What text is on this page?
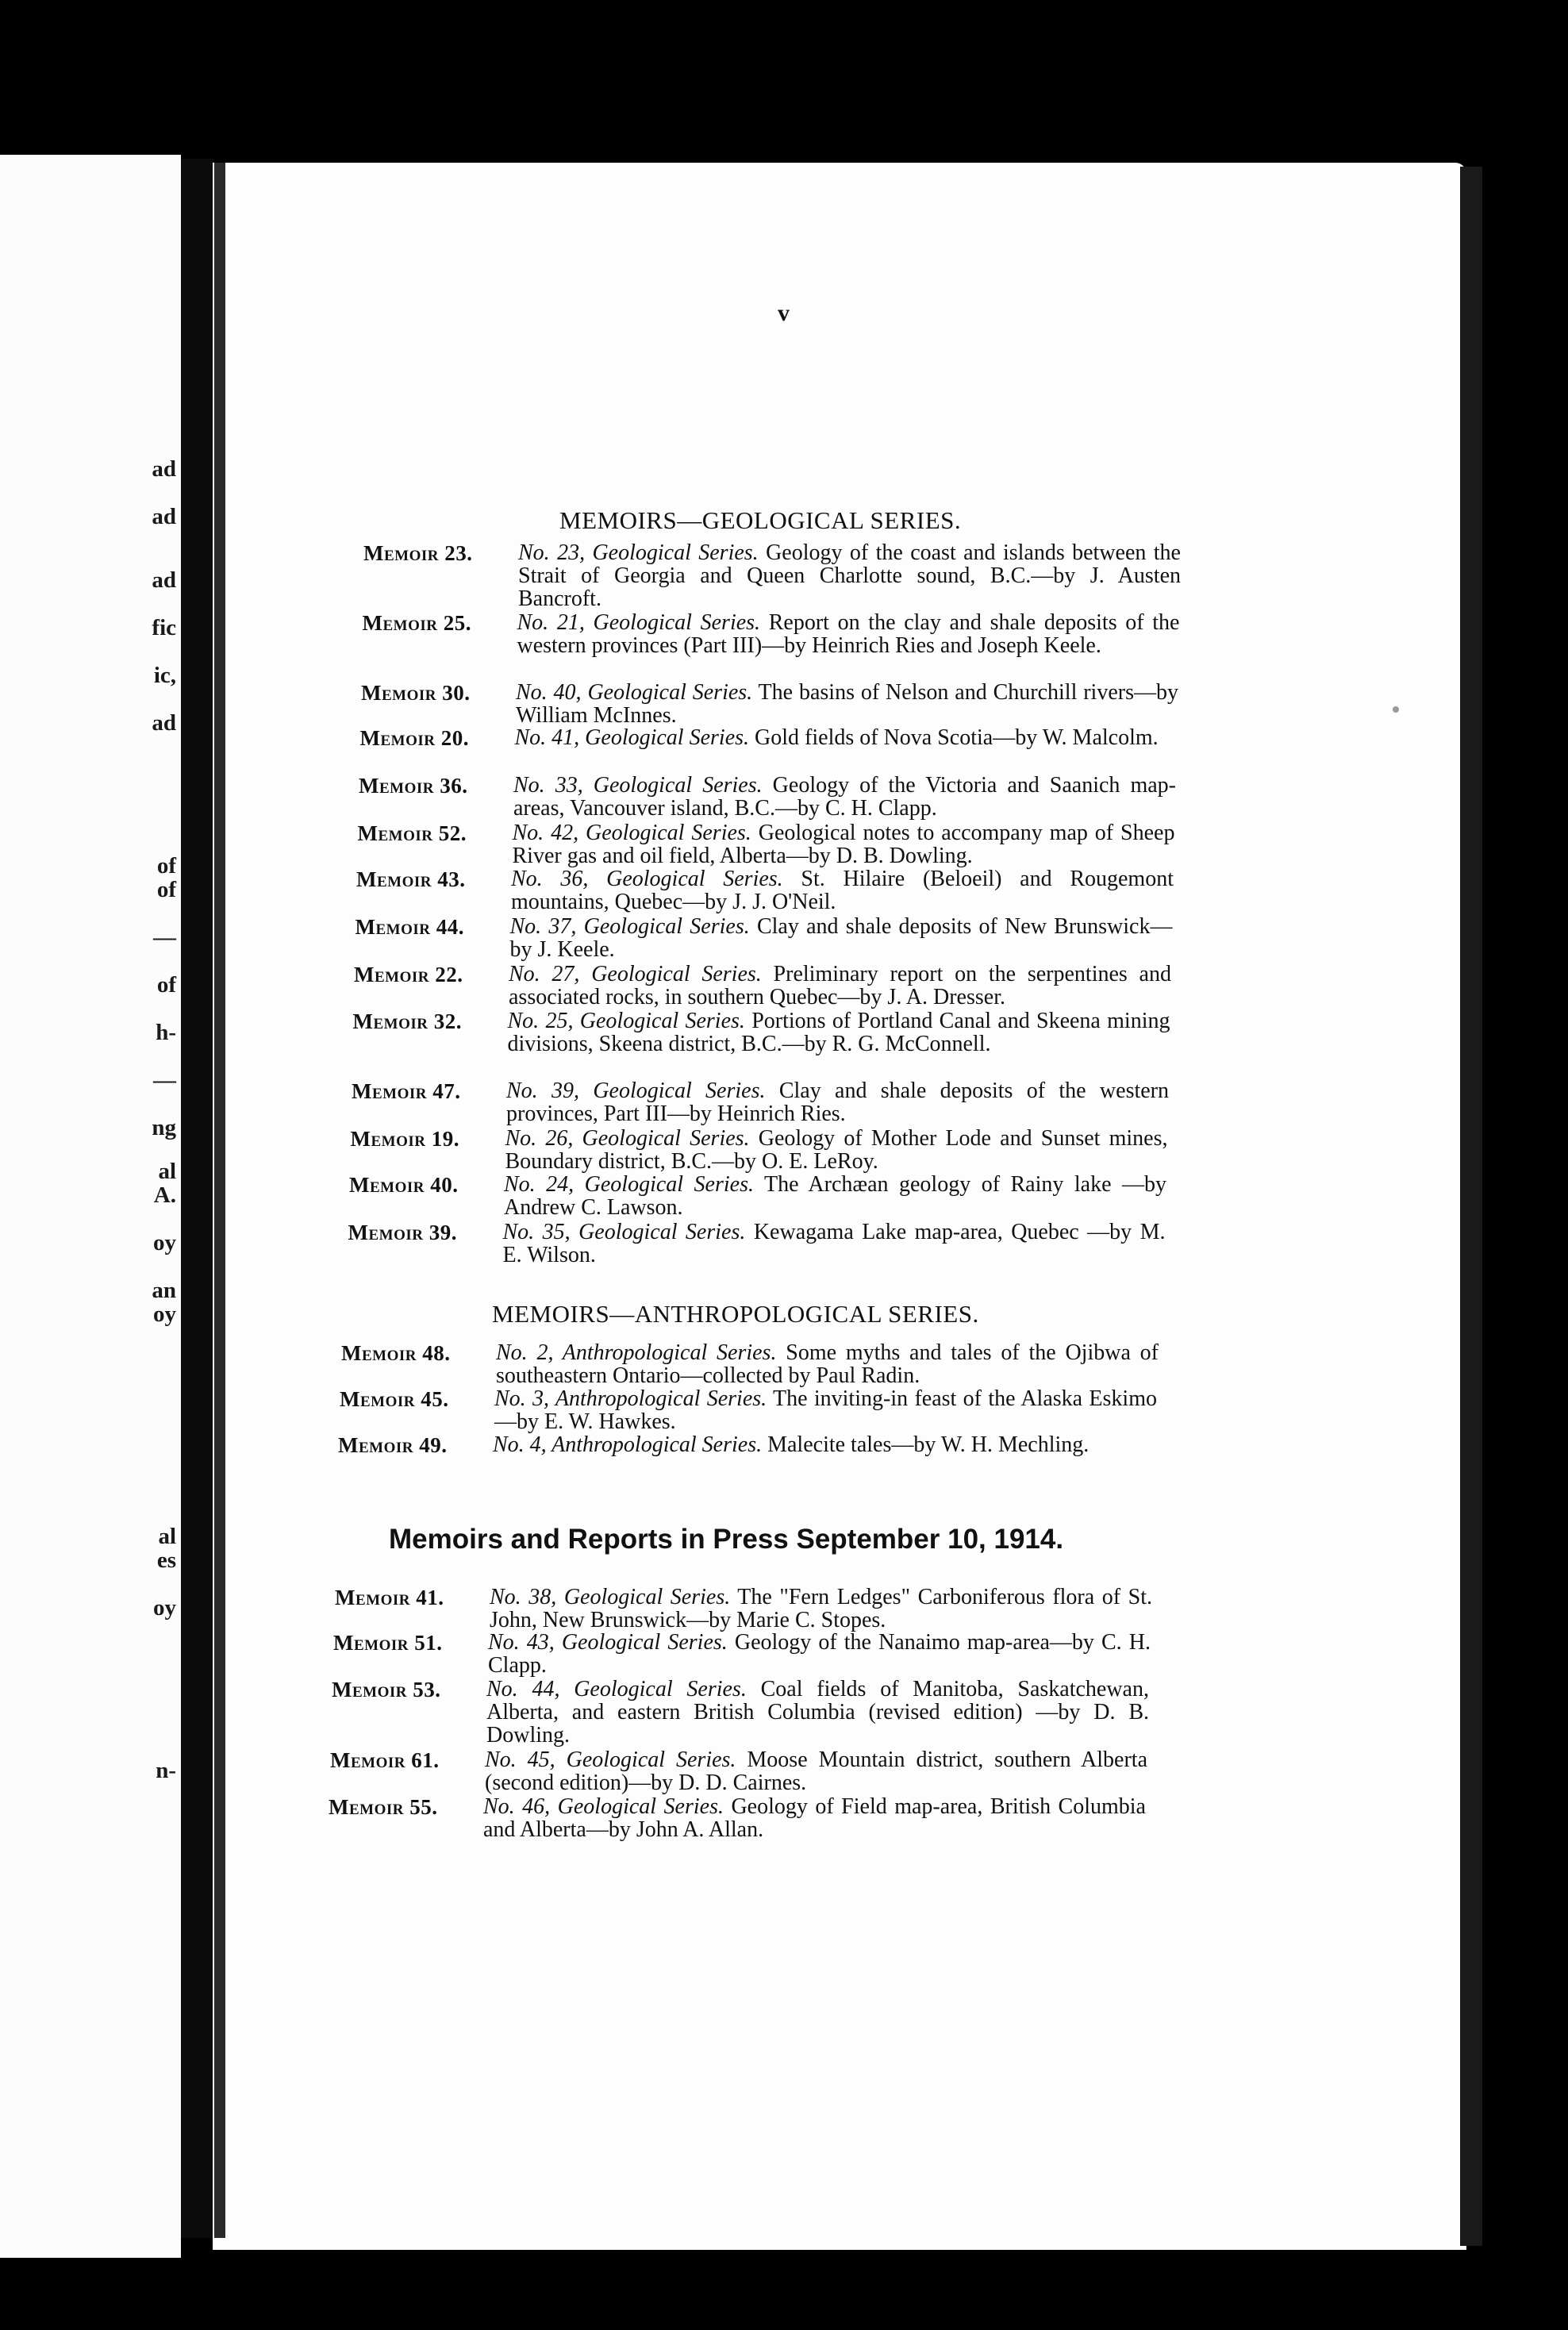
ad
ad
ad
fic
ic,
ad
of
of
—
of
h-
—
ng
al
A.
oy
an
oy
al
es
oy
n-
v
MEMOIRS—GEOLOGICAL SERIES.
Memoir 23. No. 23, Geological Series. Geology of the coast and islands between the Strait of Georgia and Queen Charlotte sound, B.C.—by J. Austen Bancroft.
Memoir 25. No. 21, Geological Series. Report on the clay and shale deposits of the western provinces (Part III)—by Heinrich Ries and Joseph Keele.
Memoir 30. No. 40, Geological Series. The basins of Nelson and Churchill rivers—by William McInnes.
Memoir 20. No. 41, Geological Series. Gold fields of Nova Scotia—by W. Malcolm.
Memoir 36. No. 33, Geological Series. Geology of the Victoria and Saanich map-areas, Vancouver island, B.C.—by C. H. Clapp.
Memoir 52. No. 42, Geological Series. Geological notes to accompany map of Sheep River gas and oil field, Alberta—by D. B. Dowling.
Memoir 43. No. 36, Geological Series. St. Hilaire (Beloeil) and Rougemont mountains, Quebec—by J. J. O'Neil.
Memoir 44. No. 37, Geological Series. Clay and shale deposits of New Brunswick—by J. Keele.
Memoir 22. No. 27, Geological Series. Preliminary report on the serpentines and associated rocks, in southern Quebec—by J. A. Dresser.
Memoir 32. No. 25, Geological Series. Portions of Portland Canal and Skeena mining divisions, Skeena district, B.C.—by R. G. McConnell.
Memoir 47. No. 39, Geological Series. Clay and shale deposits of the western provinces, Part III—by Heinrich Ries.
Memoir 19. No. 26, Geological Series. Geology of Mother Lode and Sunset mines, Boundary district, B.C.—by O. E. LeRoy.
Memoir 40. No. 24, Geological Series. The Archæan geology of Rainy lake —by Andrew C. Lawson.
Memoir 39. No. 35, Geological Series. Kewagama Lake map-area, Quebec —by M. E. Wilson.
MEMOIRS—ANTHROPOLOGICAL SERIES.
Memoir 48. No. 2, Anthropological Series. Some myths and tales of the Ojibwa of southeastern Ontario—collected by Paul Radin.
Memoir 45. No. 3, Anthropological Series. The inviting-in feast of the Alaska Eskimo—by E. W. Hawkes.
Memoir 49. No. 4, Anthropological Series. Malecite tales—by W. H. Mechling.
Memoirs and Reports in Press September 10, 1914.
Memoir 41. No. 38, Geological Series. The "Fern Ledges" Carboniferous flora of St. John, New Brunswick—by Marie C. Stopes.
Memoir 51. No. 43, Geological Series. Geology of the Nanaimo map-area—by C. H. Clapp.
Memoir 53. No. 44, Geological Series. Coal fields of Manitoba, Saskatchewan, Alberta, and eastern British Columbia (revised edition) —by D. B. Dowling.
Memoir 61. No. 45, Geological Series. Moose Mountain district, southern Alberta (second edition)—by D. D. Cairnes.
Memoir 55. No. 46, Geological Series. Geology of Field map-area, British Columbia and Alberta—by John A. Allan.
